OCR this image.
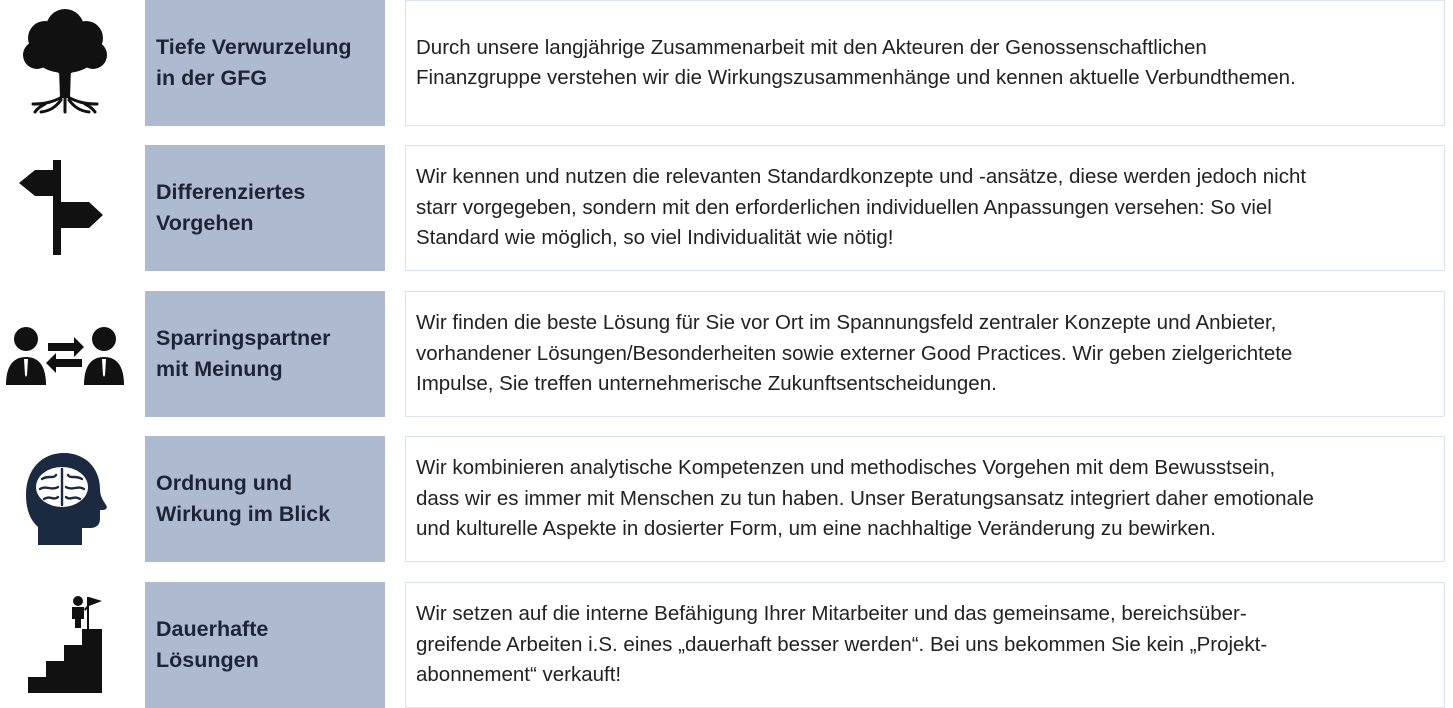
Tiefe Verwurzelung
in der GFG
Durch unsere langjährige Zusammenarbeit mit den Akteuren der Genossenschaftlichen
Finanzgruppe verstehen wir die Wirkungszusammenhänge und kennen aktuelle Verbundthemen.
Differenziertes
Vorgehen
Wir kennen und nutzen die relevanten Standardkonzepte und -ansätze, diese werden jedoch nicht
starr vorgegeben, sondern mit den erforderlichen individuellen Anpassungen versehen: So viel
Standard wie möglich, so viel Individualität wie nötig!
Sparringspartner
mit Meinung
Wir finden die beste Lösung für Sie vor Ort im Spannungsfeld zentraler Konzepte und Anbieter,
vorhandener Lösungen/Besonderheiten sowie externer Good Practices. Wir geben zielgerichtete
Impulse, Sie treffen unternehmerische Zukunftsentscheidungen.
Ordnung und
Wirkung im Blick
Wir kombinieren analytische Kompetenzen und methodisches Vorgehen mit dem Bewusstsein,
dass wir es immer mit Menschen zu tun haben. Unser Beratungsansatz integriert daher emotionale
und kulturelle Aspekte in dosierter Form, um eine nachhaltige Veränderung zu bewirken.
Dauerhafte
Lösungen
Wir setzen auf die interne Befähigung Ihrer Mitarbeiter und das gemeinsame, bereichsüber-
greifende Arbeiten i.S. eines „dauerhaft besser werden“. Bei uns bekommen Sie kein „Projekt-
abonnement“ verkauft!
